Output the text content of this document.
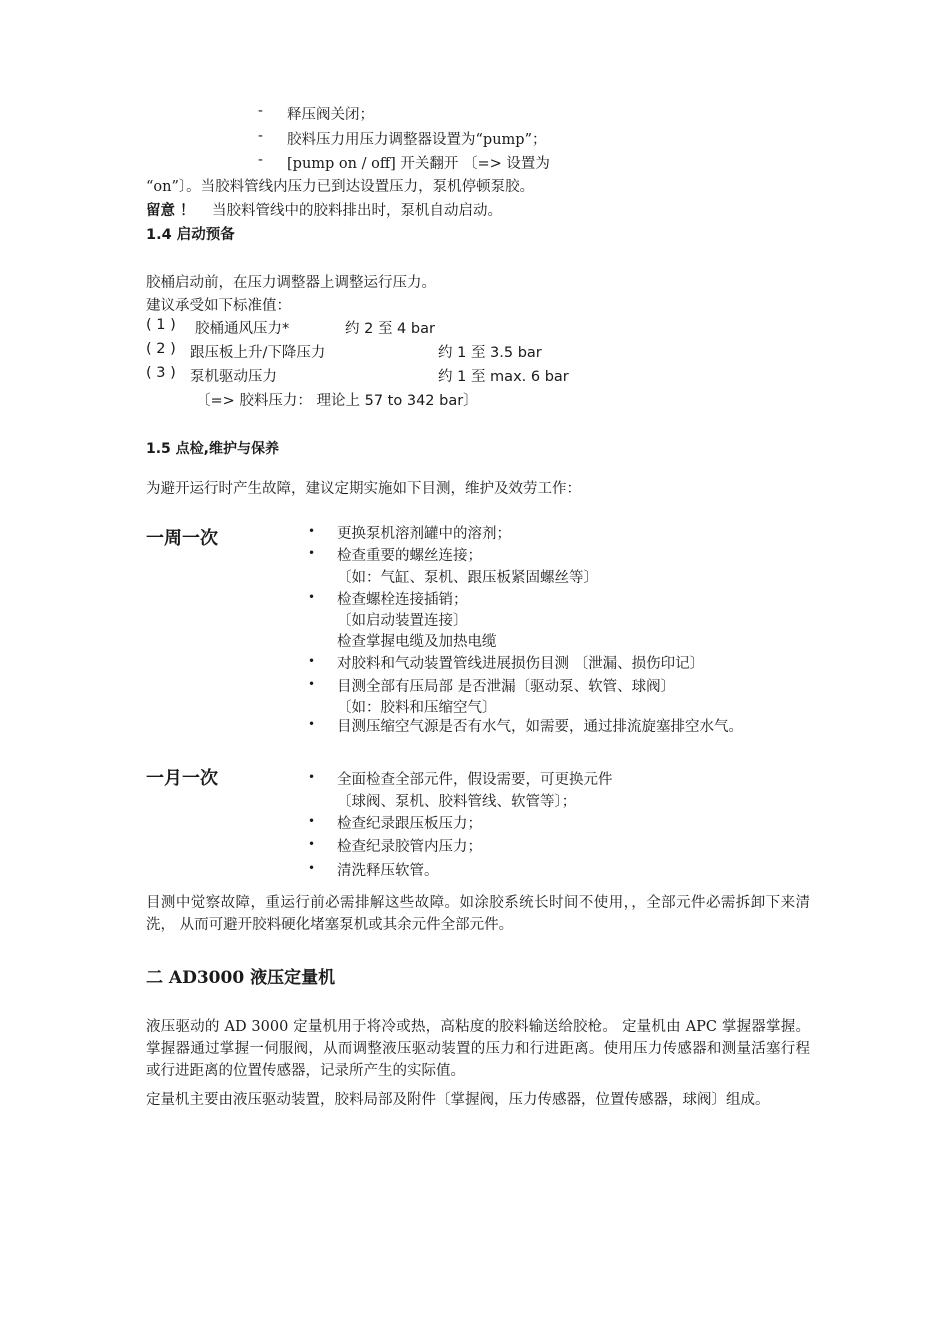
- 释压阀关闭；
- 胶料压力用压力调整器设置为“pump”；
- [pump on / off] 开关翻开 〔=> 设置为
“on”〕。当胶料管线内压力已到达设置压力，泵机停顿泵胶。
留意 ！ 当胶料管线中的胶料排出时，泵机自动启动。
1.4 启动预备
胶桶启动前，在压力调整器上调整运行压力。
建议承受如下标准值：
( 1 ) 胶桶通风压力*	约 2 至 4 bar
( 2 ) 跟压板上升/下降压力	约 1 至 3.5 bar
( 3 ) 泵机驱动压力	约 1 至 max. 6 bar
〔=> 胶料压力： 理论上 57 to 342 bar〕
1.5 点检,维护与保养
为避开运行时产生故障，建议定期实施如下目测，维护及效劳工作：
一周一次	• 更换泵机溶剂罐中的溶剂；
• 检查重要的螺丝连接；
〔如：气缸、泵机、跟压板紧固螺丝等〕
• 检查螺栓连接插销；
〔如启动装置连接〕
检查掌握电缆及加热电缆
• 对胶料和气动装置管线进展损伤目测 〔泄漏、损伤印记〕
• 目测全部有压局部 是否泄漏〔驱动泵、软管、球阀〕
〔如：胶料和压缩空气〕
• 目测压缩空气源是否有水气，如需要，通过排流旋塞排空水气。
一月一次	• 全面检查全部元件，假设需要，可更换元件
〔球阀、泵机、胶料管线、软管等〕；
• 检查纪录跟压板压力；
• 检查纪录胶管内压力；
• 清洗释压软管。
目测中觉察故障，重运行前必需排解这些故障。如涂胶系统长时间不使用，，全部元件必需拆卸下来清洗， 从而可避开胶料硬化堵塞泵机或其余元件全部元件。
二 AD3000 液压定量机
液压驱动的 AD 3000 定量机用于将冷或热，高粘度的胶料输送给胶枪。 定量机由 APC 掌握器掌握。掌握器通过掌握一伺服阀，从而调整液压驱动装置的压力和行进距离。使用压力传感器和测量活塞行程或行进距离的位置传感器，记录所产生的实际值。
定量机主要由液压驱动装置，胶料局部及附件〔掌握阀，压力传感器，位置传感器，球阀〕组成。
